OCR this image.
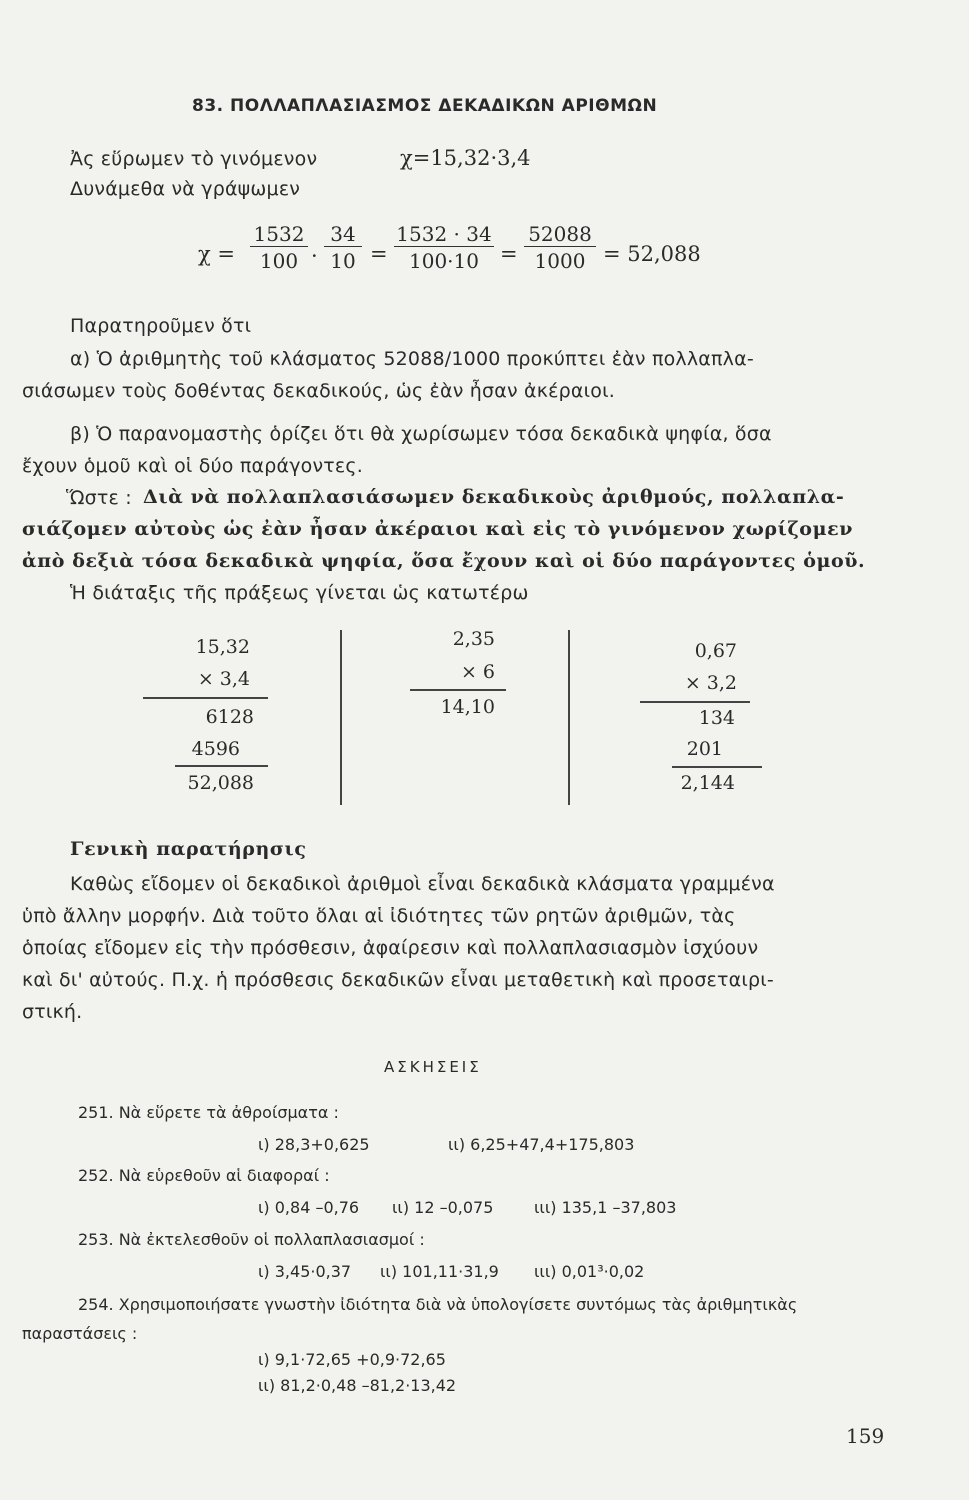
83. ΠΟΛΛΑΠΛΑΣΙΑΣΜΟΣ ΔΕΚΑΔΙΚΩΝ ΑΡΙΘΜΩΝ
Ἀς εὕρωμεν τὸ γινόμενον	χ=15,32·3,4
Δυνάμεθα νὰ γράψωμεν
$\chi = \frac{1532}{100} \cdot \frac{34}{10} = \frac{1532 \cdot 34}{100\cdot 10} = \frac{52088}{1000} = 52,088$
Παρατηροῦμεν ὅτι
α) Ὁ ἀριθμητὴς τοῦ κλάσματος 52088/1000 προκύπτει ἐὰν πολλαπλα-
σιάσωμεν τοὺς δοθέντας δεκαδικούς, ὡς ἐὰν ἦσαν ἀκέραιοι.
β) Ὁ παρανομαστὴς ὁρίζει ὅτι θὰ χωρίσωμεν τόσα δεκαδικὰ ψηφία, ὅσα
ἔχουν ὁμοῦ καὶ οἱ δύο παράγοντες.
Ὥστε : Διὰ νὰ πολλαπλασιάσωμεν δεκαδικοὺς ἀριθμούς, πολλαπλα-
σιάζομεν αὐτοὺς ὡς ἐὰν ἦσαν ἀκέραιοι καὶ εἰς τὸ γινόμενον χωρίζομεν
ἀπὸ δεξιὰ τόσα δεκαδικὰ ψηφία, ὅσα ἔχουν καὶ οἱ δύο παράγοντες ὁμοῦ.
Ἡ διάταξις τῆς πράξεως γίνεται ὡς κατωτέρω
15,32
× 3,4
6128
4596
52,088
2,35
× 6
14,10
0,67
× 3,2
134
201
2,144
Γενικὴ παρατήρησις
Καθὼς εἴδομεν οἱ δεκαδικοὶ ἀριθμοὶ εἶναι δεκαδικὰ κλάσματα γραμμένα
ὑπὸ ἄλλην μορφήν. Διὰ τοῦτο ὅλαι αἱ ἰδιότητες τῶν ρητῶν ἀριθμῶν, τὰς
ὁποίας εἴδομεν εἰς τὴν πρόσθεσιν, ἀφαίρεσιν καὶ πολλαπλασιασμὸν ἰσχύουν
καὶ δι' αὐτούς. Π.χ. ἡ πρόσθεσις δεκαδικῶν εἶναι μεταθετικὴ καὶ προσεταιρι-
στική.
ΑΣΚΗΣΕΙΣ
251. Νὰ εὕρετε τὰ ἀθροίσματα :
ι) 28,3+0,625	ιι) 6,25+47,4+175,803
252. Νὰ εὑρεθοῦν αἱ διαφοραί :
ι) 0,84 –0,76 ιι) 12 –0,075	ιιι) 135,1 –37,803
253. Νὰ ἐκτελεσθοῦν οἱ πολλαπλασιασμοί :
ι) 3,45·0,37 ιι) 101,11·31,9 ιιι) 0,01³·0,02
254. Χρησιμοποιήσατε γνωστὴν ἰδιότητα διὰ νὰ ὑπολογίσετε συντόμως τὰς ἀριθμητικὰς
παραστάσεις :
ι) 9,1·72,65 +0,9·72,65
ιι) 81,2·0,48 –81,2·13,42
159
